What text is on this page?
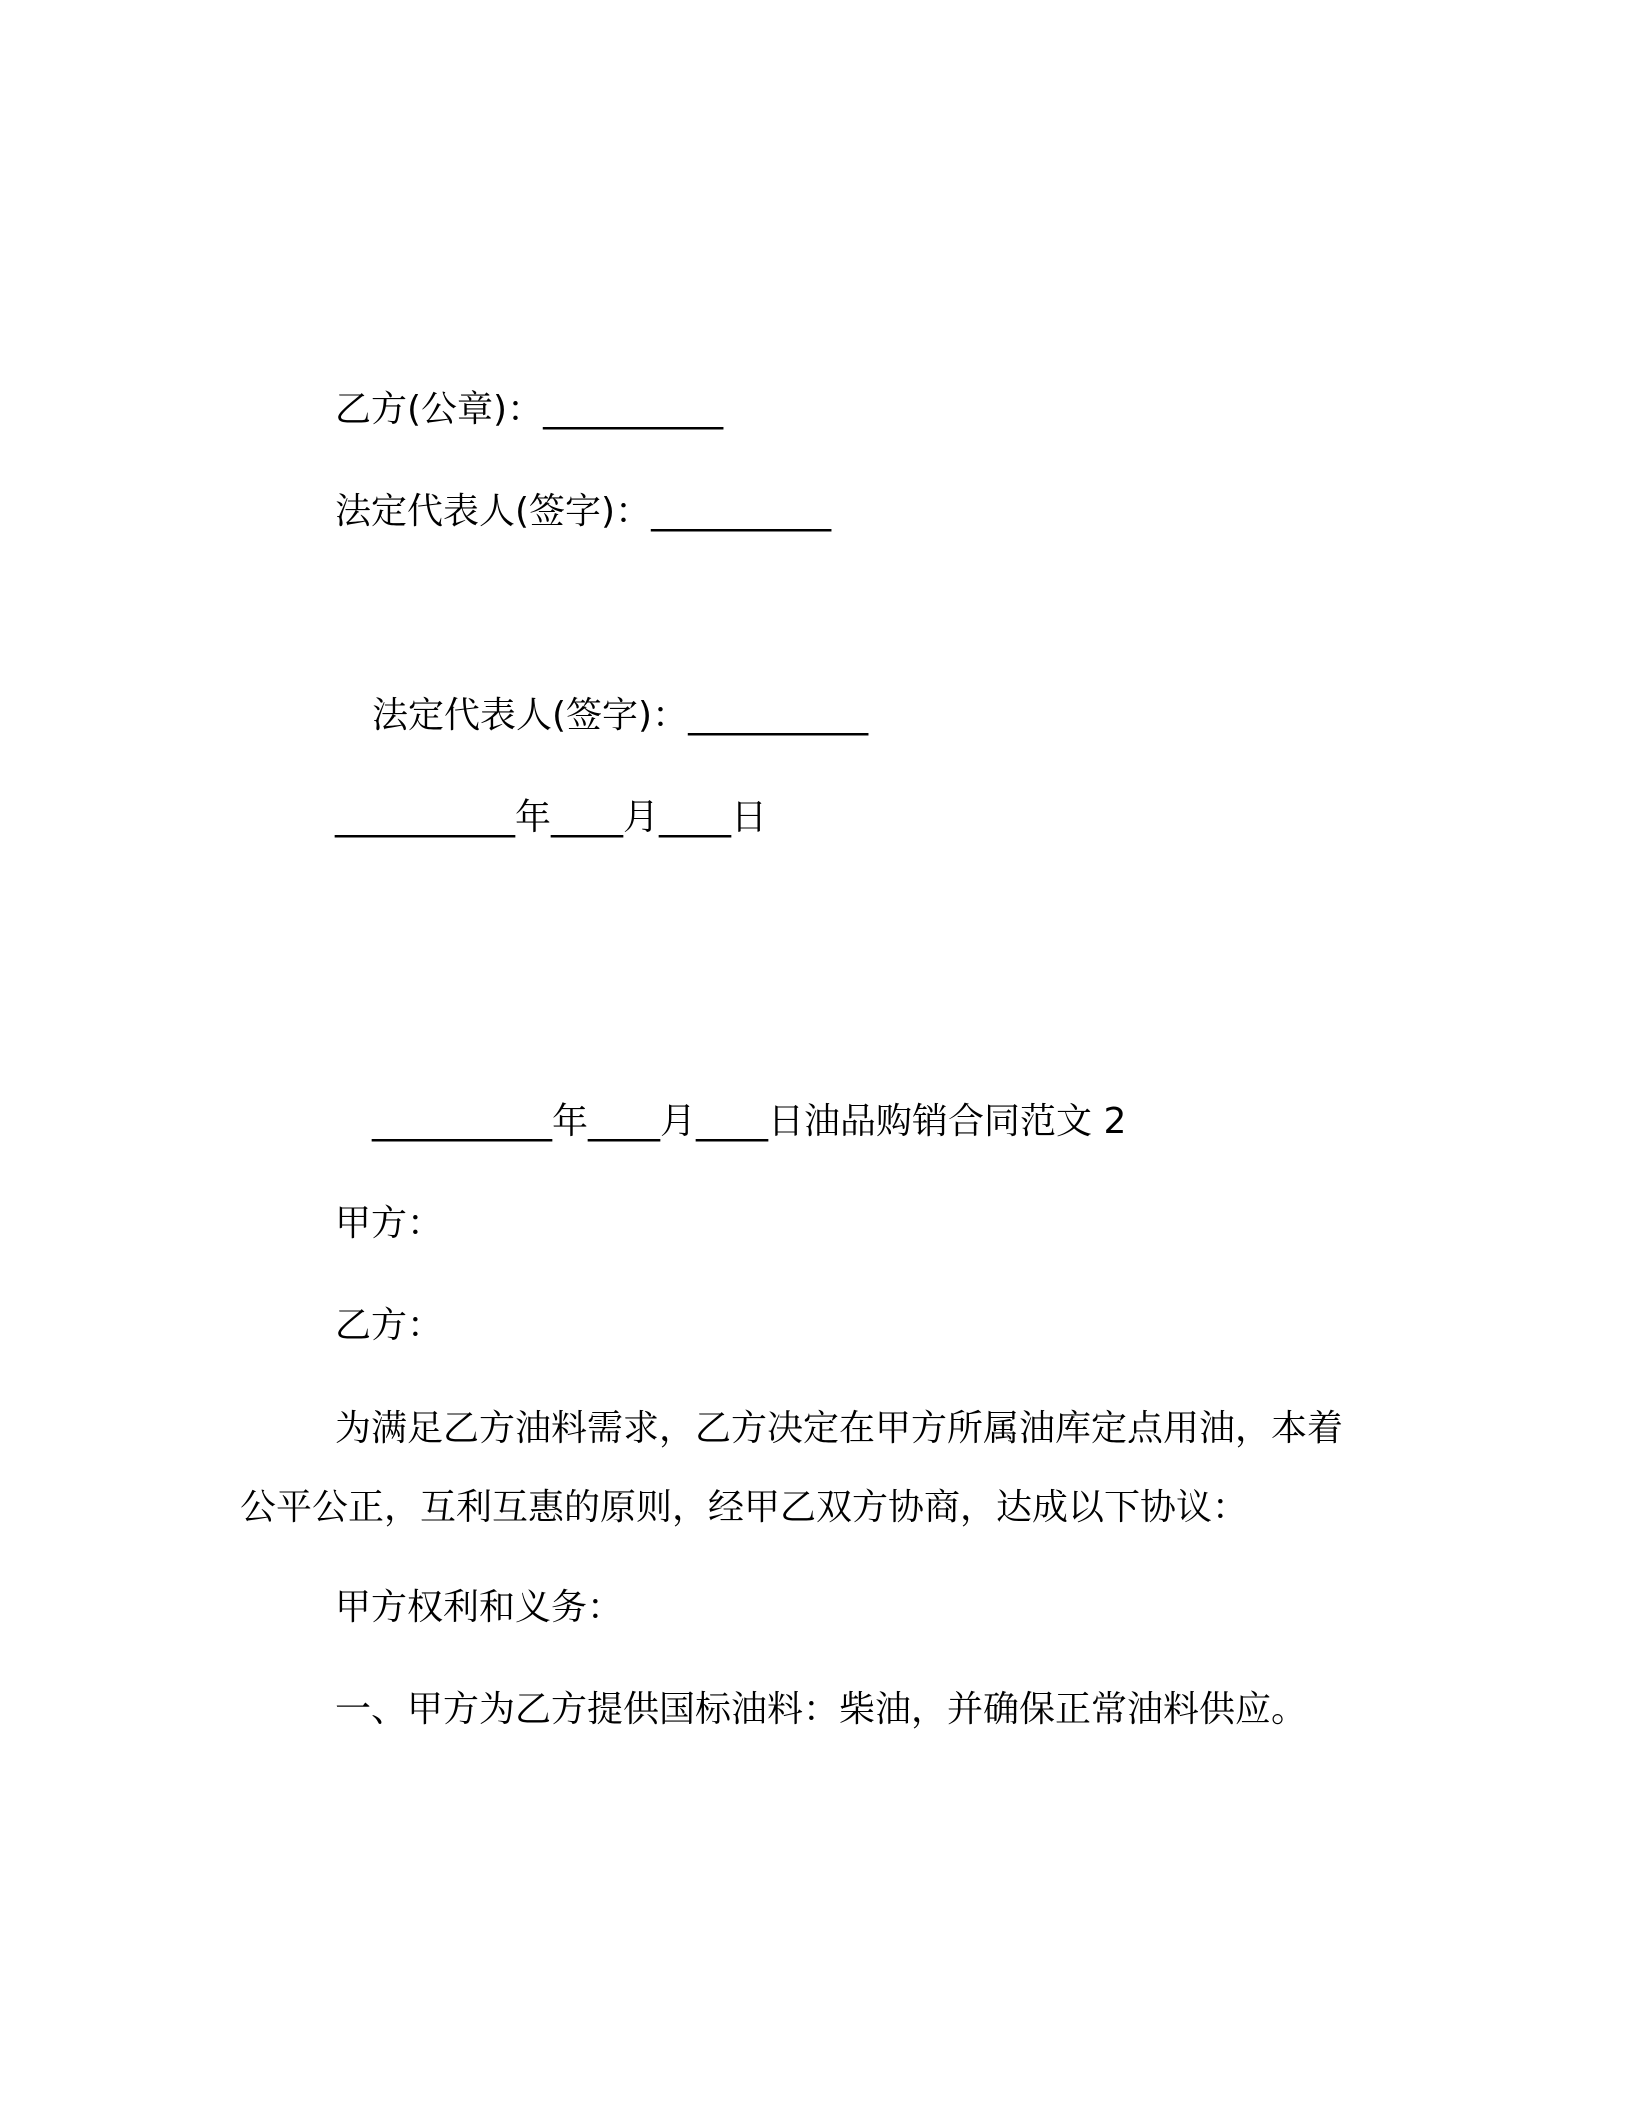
乙方(公章)：__________
法定代表人(签字)：__________
法定代表人(签字)：__________
__________年____月____日
__________年____月____日油品购销合同范文 2
甲方：
乙方：
为满足乙方油料需求，乙方决定在甲方所属油库定点用油，本着
公平公正，互利互惠的原则，经甲乙双方协商，达成以下协议：
甲方权利和义务：
一、甲方为乙方提供国标油料：柴油，并确保正常油料供应。
